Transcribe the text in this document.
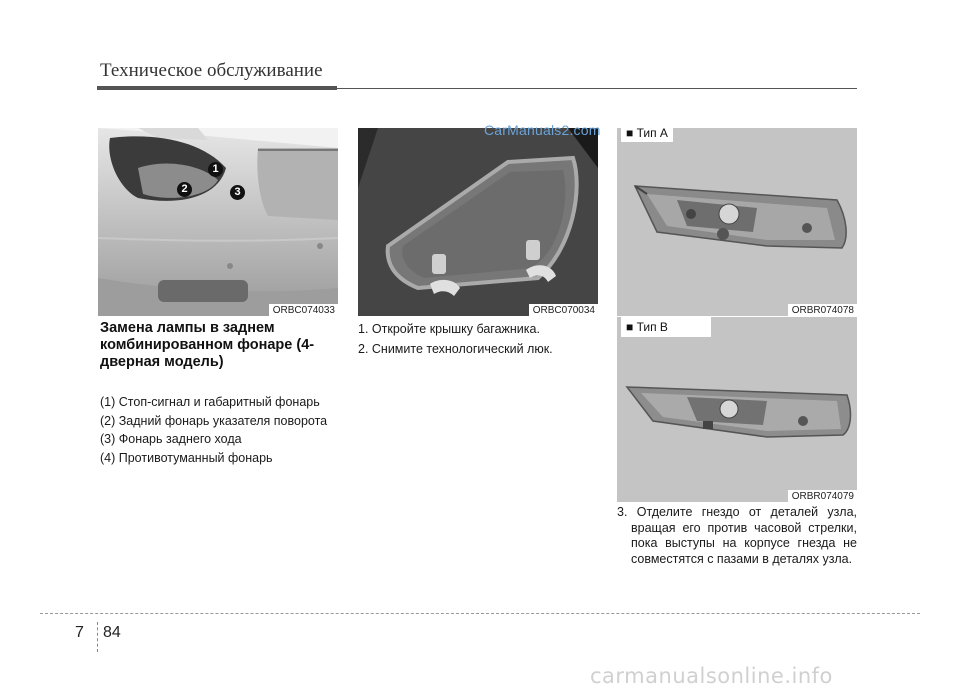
Техническое обслуживание
1
2	3
ORBC074033	ORBC070034
CarManuals2.com	■ Тип А
ORBR074078
■ Тип В
ORBR074079
Замена лампы в заднем комбинированном фонаре (4-дверная модель)
(1) Стоп-сигнал и габаритный фонарь
(2) Задний фонарь указателя поворота
(3) Фонарь заднего хода
(4) Противотуманный фонарь
1. Откройте крышку багажника.
2. Снимите технологический люк.
3. Отделите гнездо от деталей узла, вращая его против часовой стрелки, пока выступы на корпусе гнезда не совместятся с пазами в деталях узла.
7 84
carmanualsonline.info
